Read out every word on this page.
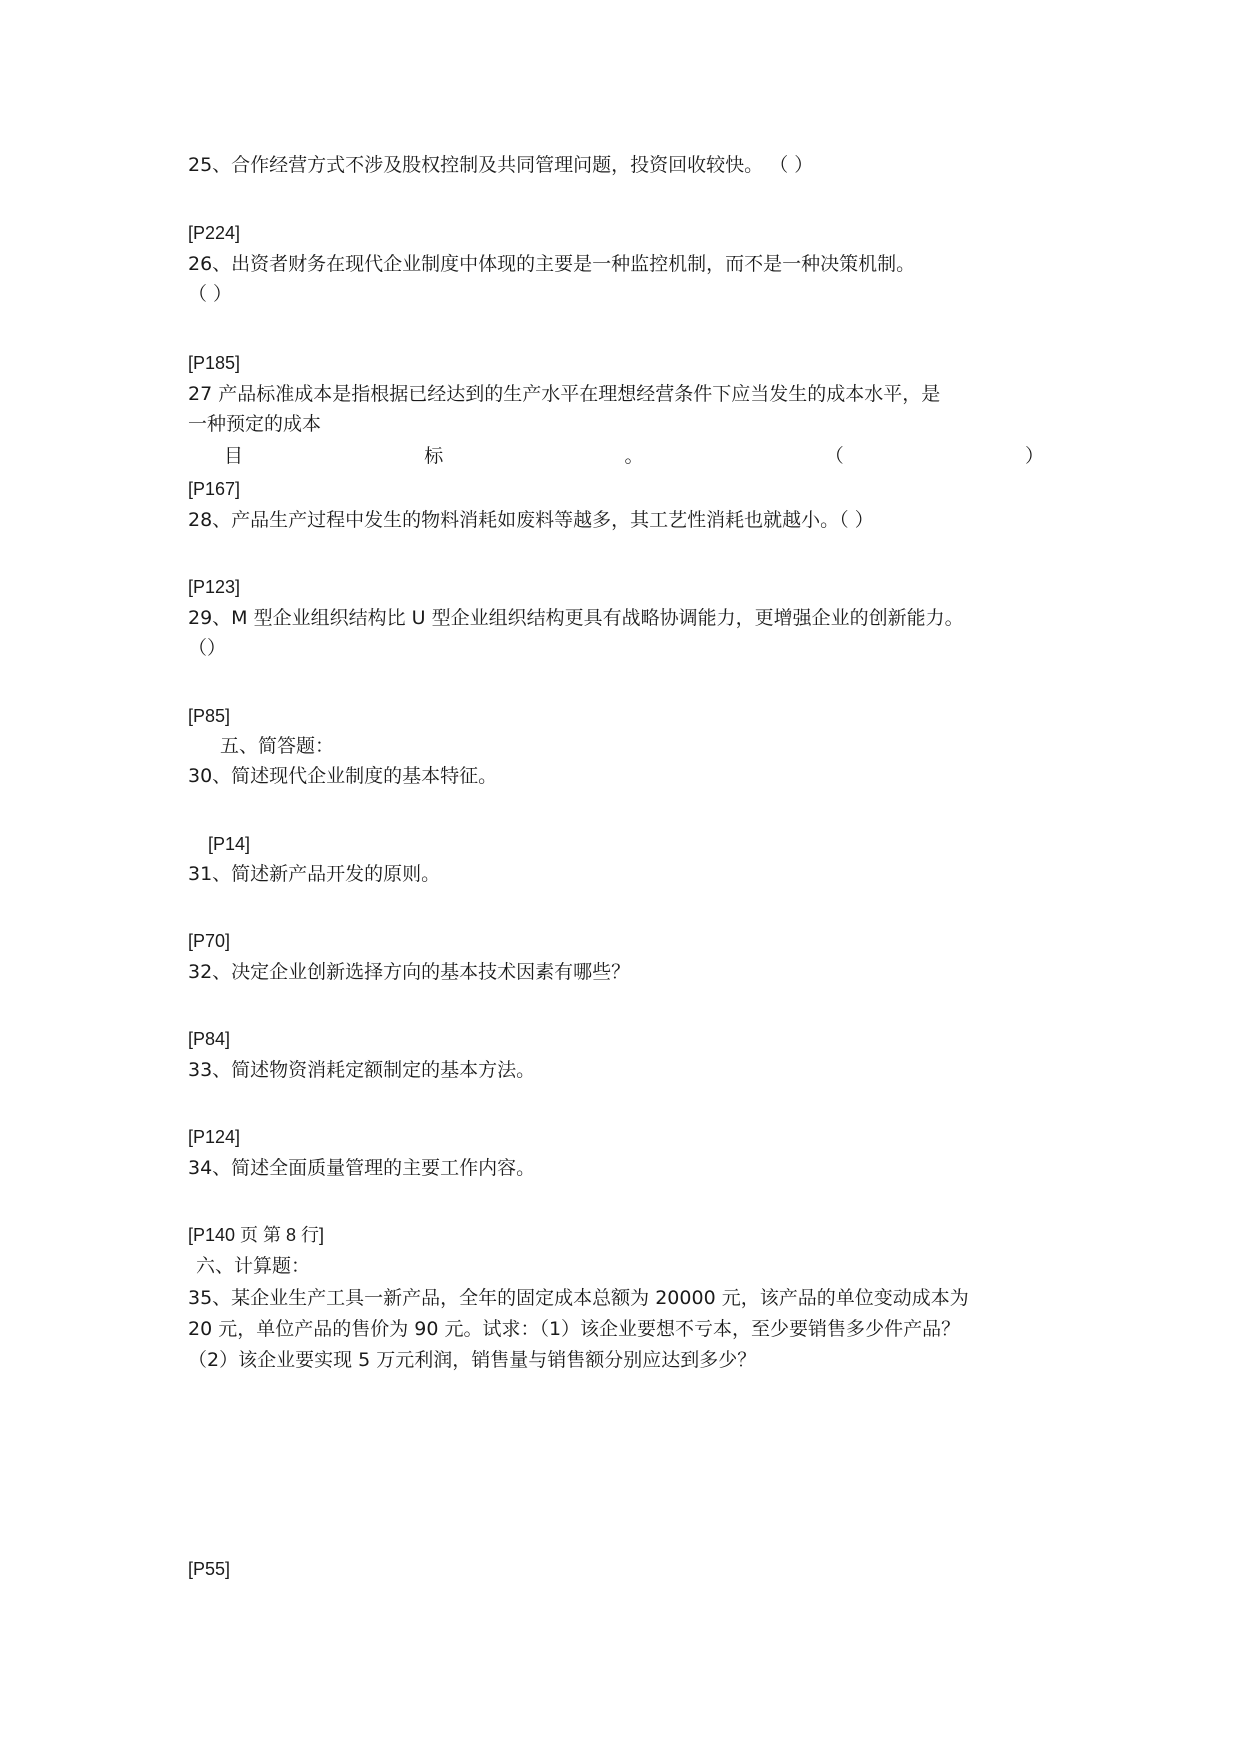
25、合作经营方式不涉及股权控制及共同管理问题，投资回收较快。 （ ）
[P224]
26、出资者财务在现代企业制度中体现的主要是一种监控机制，而不是一种决策机制。
（ ）
[P185]
27 产品标准成本是指根据已经达到的生产水平在理想经营条件下应当发生的成本水平，是
一种预定的成本
目	标	。	（	）
[P167]
28、产品生产过程中发生的物料消耗如废料等越多，其工艺性消耗也就越小。（ ）
[P123]
29、M 型企业组织结构比 U 型企业组织结构更具有战略协调能力，更增强企业的创新能力。
（）
[P85]
五、简答题：
30、简述现代企业制度的基本特征。
[P14]
31、简述新产品开发的原则。
[P70]
32、决定企业创新选择方向的基本技术因素有哪些？
[P84]
33、简述物资消耗定额制定的基本方法。
[P124]
34、简述全面质量管理的主要工作内容。
[P140 页 第 8 行]
六、计算题：
35、某企业生产工具一新产品，全年的固定成本总额为 20000 元，该产品的单位变动成本为
20 元，单位产品的售价为 90 元。试求：（1）该企业要想不亏本，至少要销售多少件产品？
（2）该企业要实现 5 万元利润，销售量与销售额分别应达到多少？
[P55]
